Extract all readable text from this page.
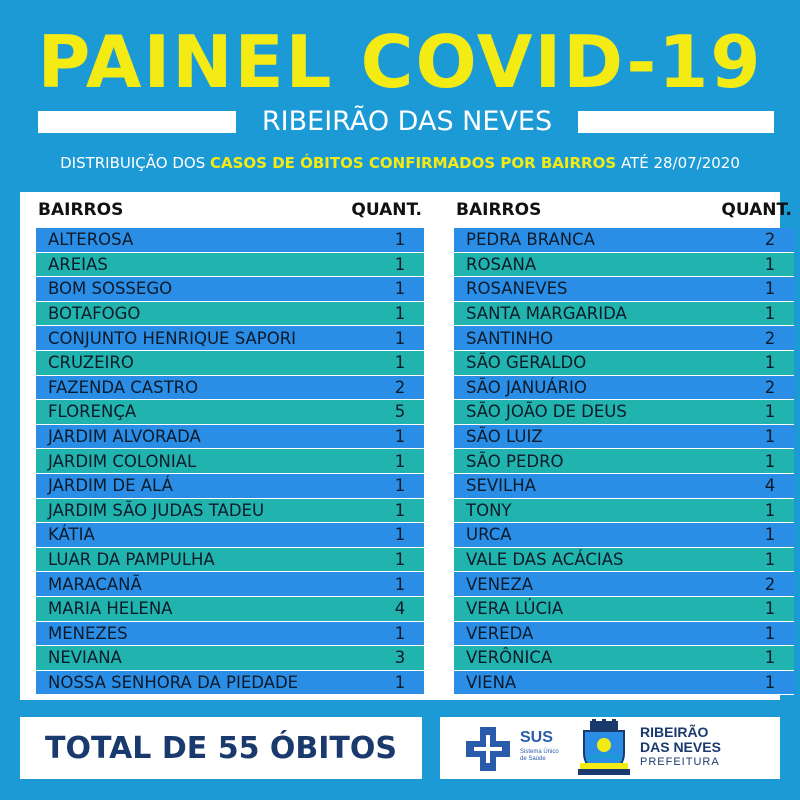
PAINEL COVID-19
RIBEIRÃO DAS NEVES
DISTRIBUIÇÃO DOS CASOS DE ÓBITOS CONFIRMADOS POR BAIRROS ATÉ 28/07/2020
BAIRROS	QUANT.
ALTEROSA	1
AREIAS	1
BOM SOSSEGO	1
BOTAFOGO	1
CONJUNTO HENRIQUE SAPORI	1
CRUZEIRO	1
FAZENDA CASTRO	2
FLORENÇA	5
JARDIM ALVORADA	1
JARDIM COLONIAL	1
JARDIM DE ALÁ	1
JARDIM SÃO JUDAS TADEU	1
KÁTIA	1
LUAR DA PAMPULHA	1
MARACANÃ	1
MARIA HELENA	4
MENEZES	1
NEVIANA	3
NOSSA SENHORA DA PIEDADE	1
BAIRROS	QUANT.
PEDRA BRANCA	2
ROSANA	1
ROSANEVES	1
SANTA MARGARIDA	1
SANTINHO	2
SÃO GERALDO	1
SÃO JANUÁRIO	2
SÃO JOÃO DE DEUS	1
SÃO LUIZ	1
SÃO PEDRO	1
SEVILHA	4
TONY	1
URCA	1
VALE DAS ACÁCIAS	1
VENEZA	2
VERA LÚCIA	1
VEREDA	1
VERÔNICA	1
VIENA	1
TOTAL DE 55 ÓBITOS	SUS
Sistema Único de Saúde
RIBEIRÃO
DAS NEVES
PREFEITURA
